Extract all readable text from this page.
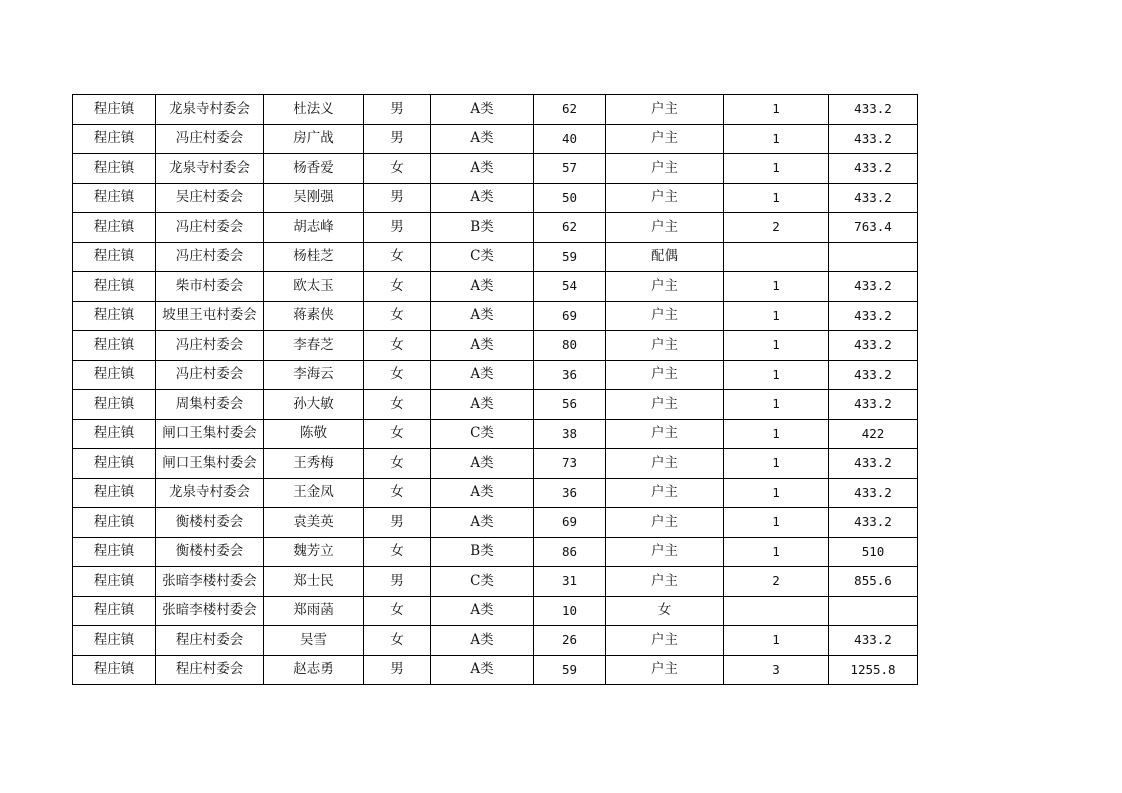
程庄镇	龙泉寺村委会	杜法义	男	A类	62	户主	1	433.2
程庄镇	冯庄村委会	房广战	男	A类	40	户主	1	433.2
程庄镇	龙泉寺村委会	杨香爱	女	A类	57	户主	1	433.2
程庄镇	吴庄村委会	吴刚强	男	A类	50	户主	1	433.2
程庄镇	冯庄村委会	胡志峰	男	B类	62	户主	2	763.4
程庄镇	冯庄村委会	杨桂芝	女	C类	59	配偶		
程庄镇	柴市村委会	欧太玉	女	A类	54	户主	1	433.2
程庄镇	坡里王屯村委会	蒋素侠	女	A类	69	户主	1	433.2
程庄镇	冯庄村委会	李春芝	女	A类	80	户主	1	433.2
程庄镇	冯庄村委会	李海云	女	A类	36	户主	1	433.2
程庄镇	周集村委会	孙大敏	女	A类	56	户主	1	433.2
程庄镇	闸口王集村委会	陈敬	女	C类	38	户主	1	422
程庄镇	闸口王集村委会	王秀梅	女	A类	73	户主	1	433.2
程庄镇	龙泉寺村委会	王金凤	女	A类	36	户主	1	433.2
程庄镇	衡楼村委会	袁美英	男	A类	69	户主	1	433.2
程庄镇	衡楼村委会	魏芳立	女	B类	86	户主	1	510
程庄镇	张暗李楼村委会	郑士民	男	C类	31	户主	2	855.6
程庄镇	张暗李楼村委会	郑雨菡	女	A类	10	女		
程庄镇	程庄村委会	吴雪	女	A类	26	户主	1	433.2
程庄镇	程庄村委会	赵志勇	男	A类	59	户主	3	1255.8
